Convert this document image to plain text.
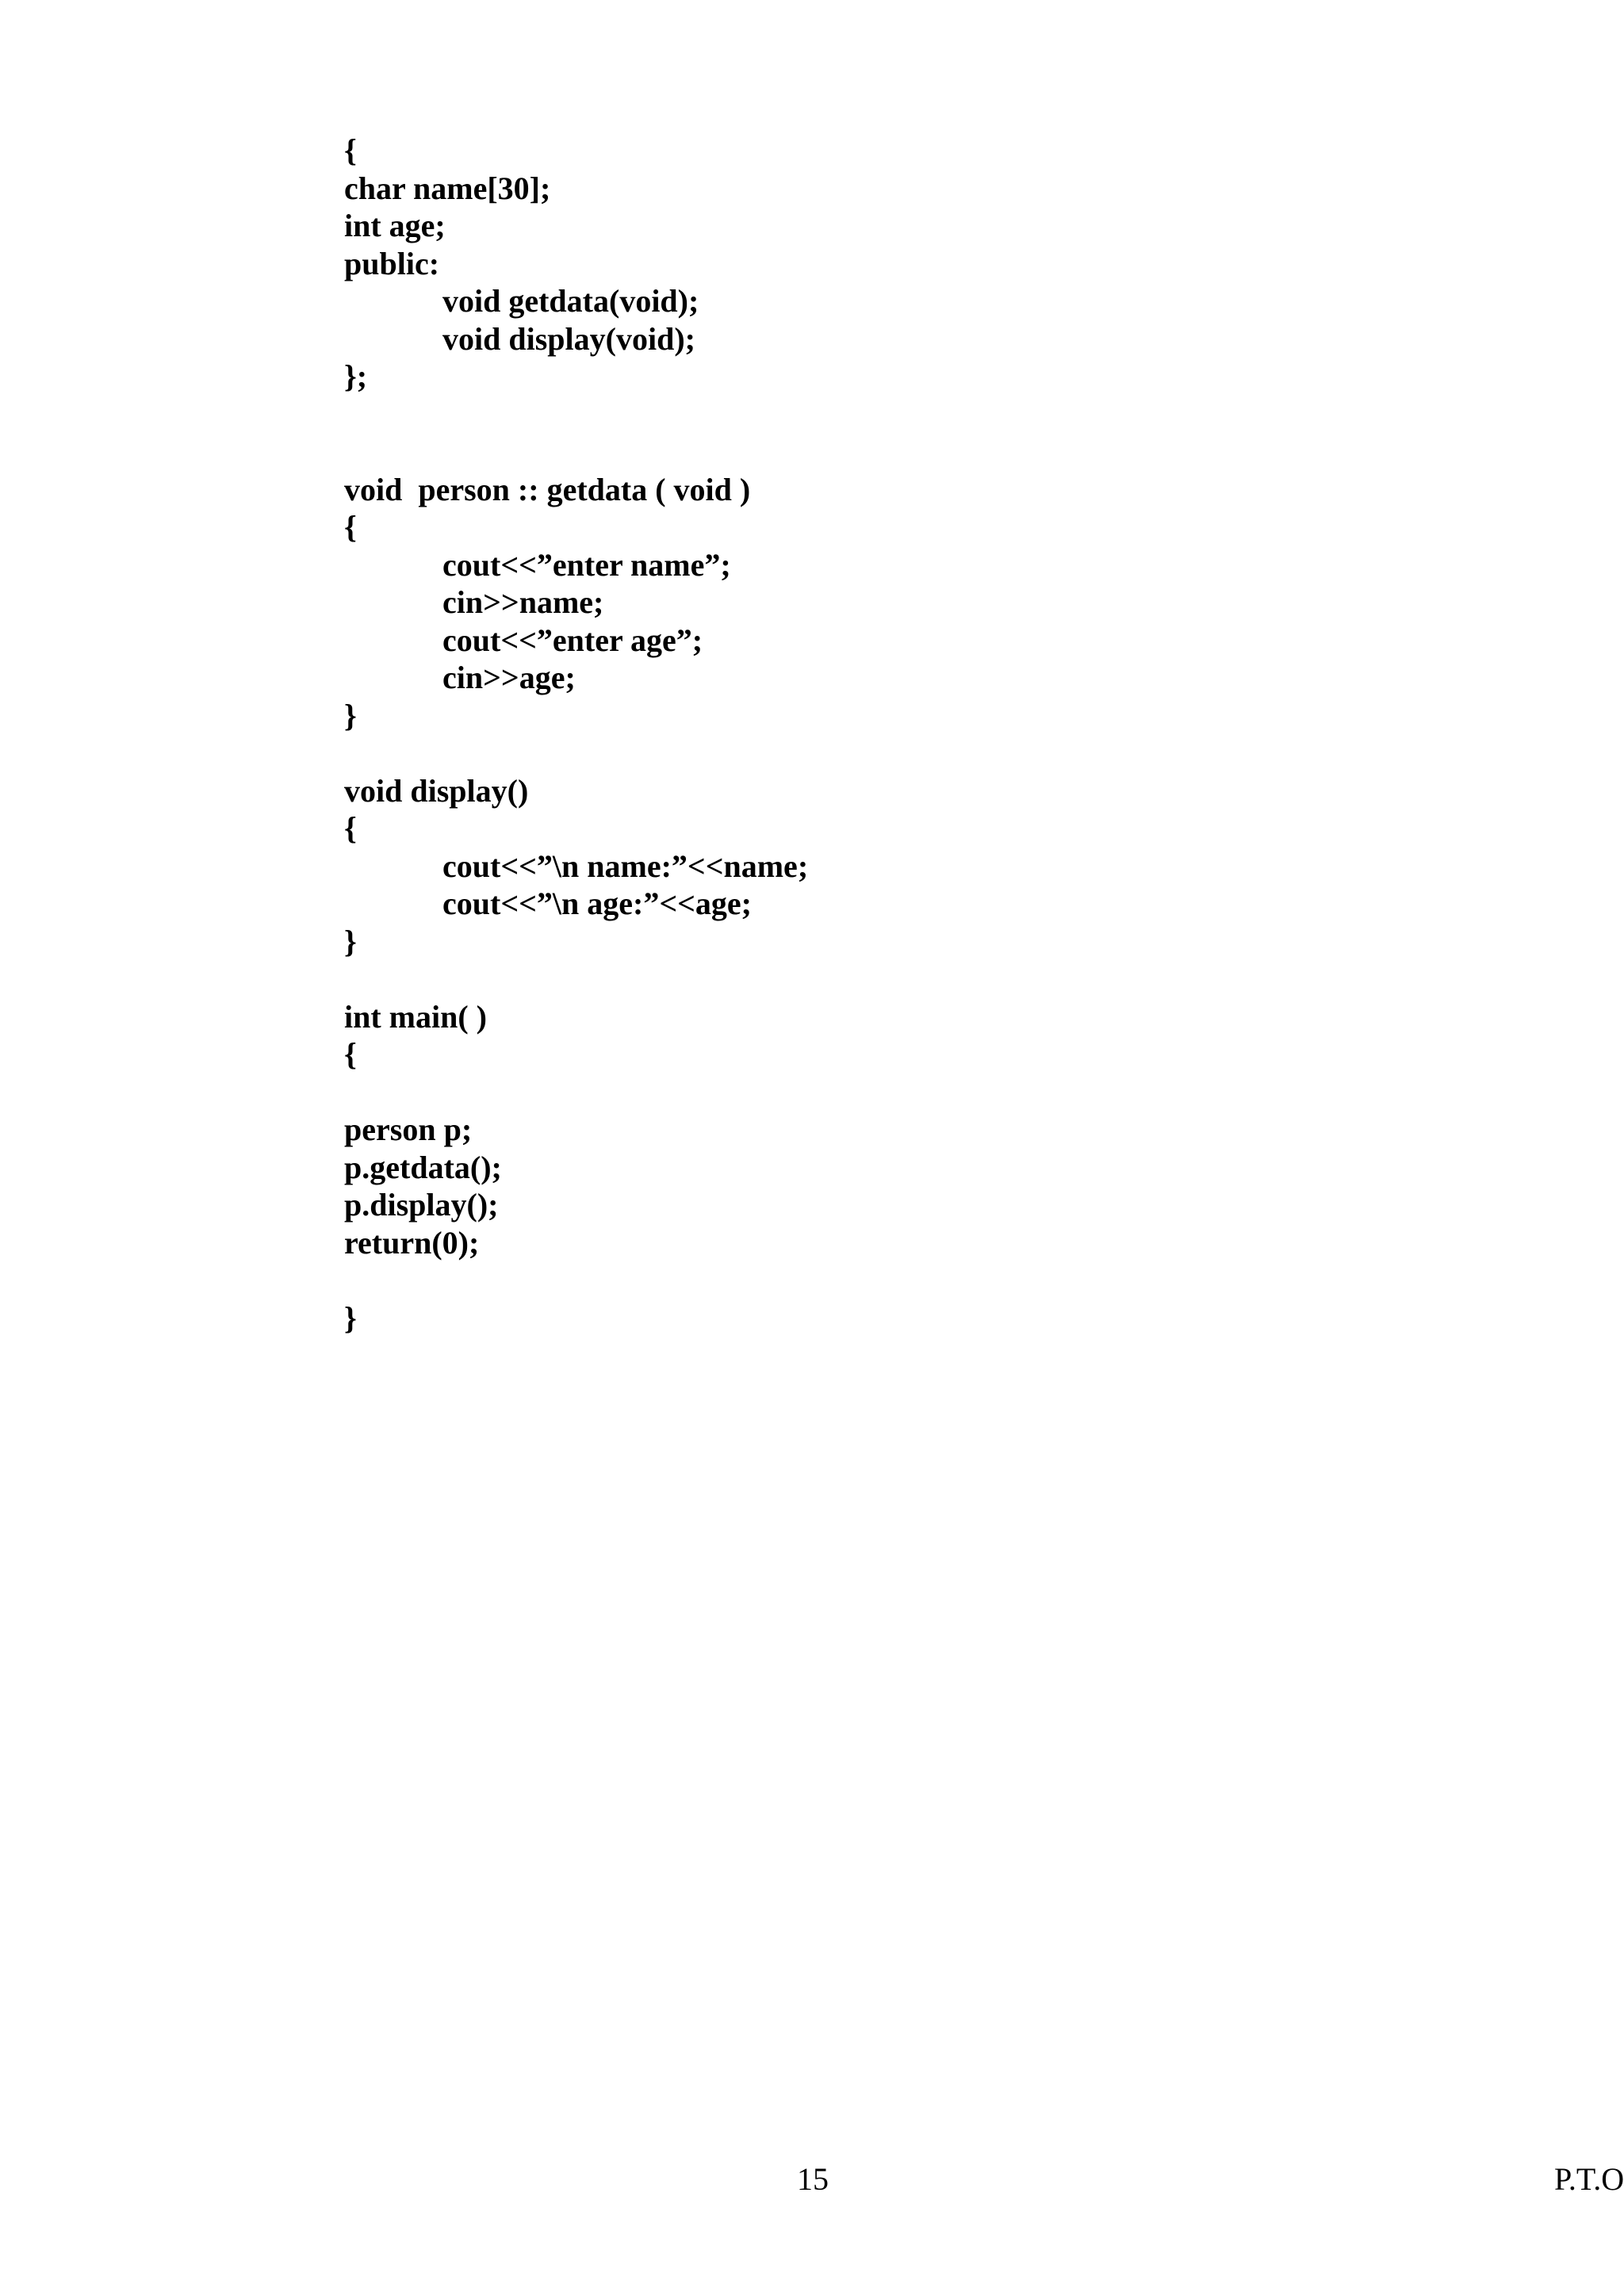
{
char name[30];
int age;
public:
void getdata(void);
void display(void);
};
void  person :: getdata ( void )
{
cout<<”enter name”;
cin>>name;
cout<<”enter age”;
cin>>age;
}
void display()
{
cout<<”\n name:”<<name;
cout<<”\n age:”<<age;
}
int main( )
{
person p;
p.getdata();
p.display();
return(0);
}
15	P.T.O
